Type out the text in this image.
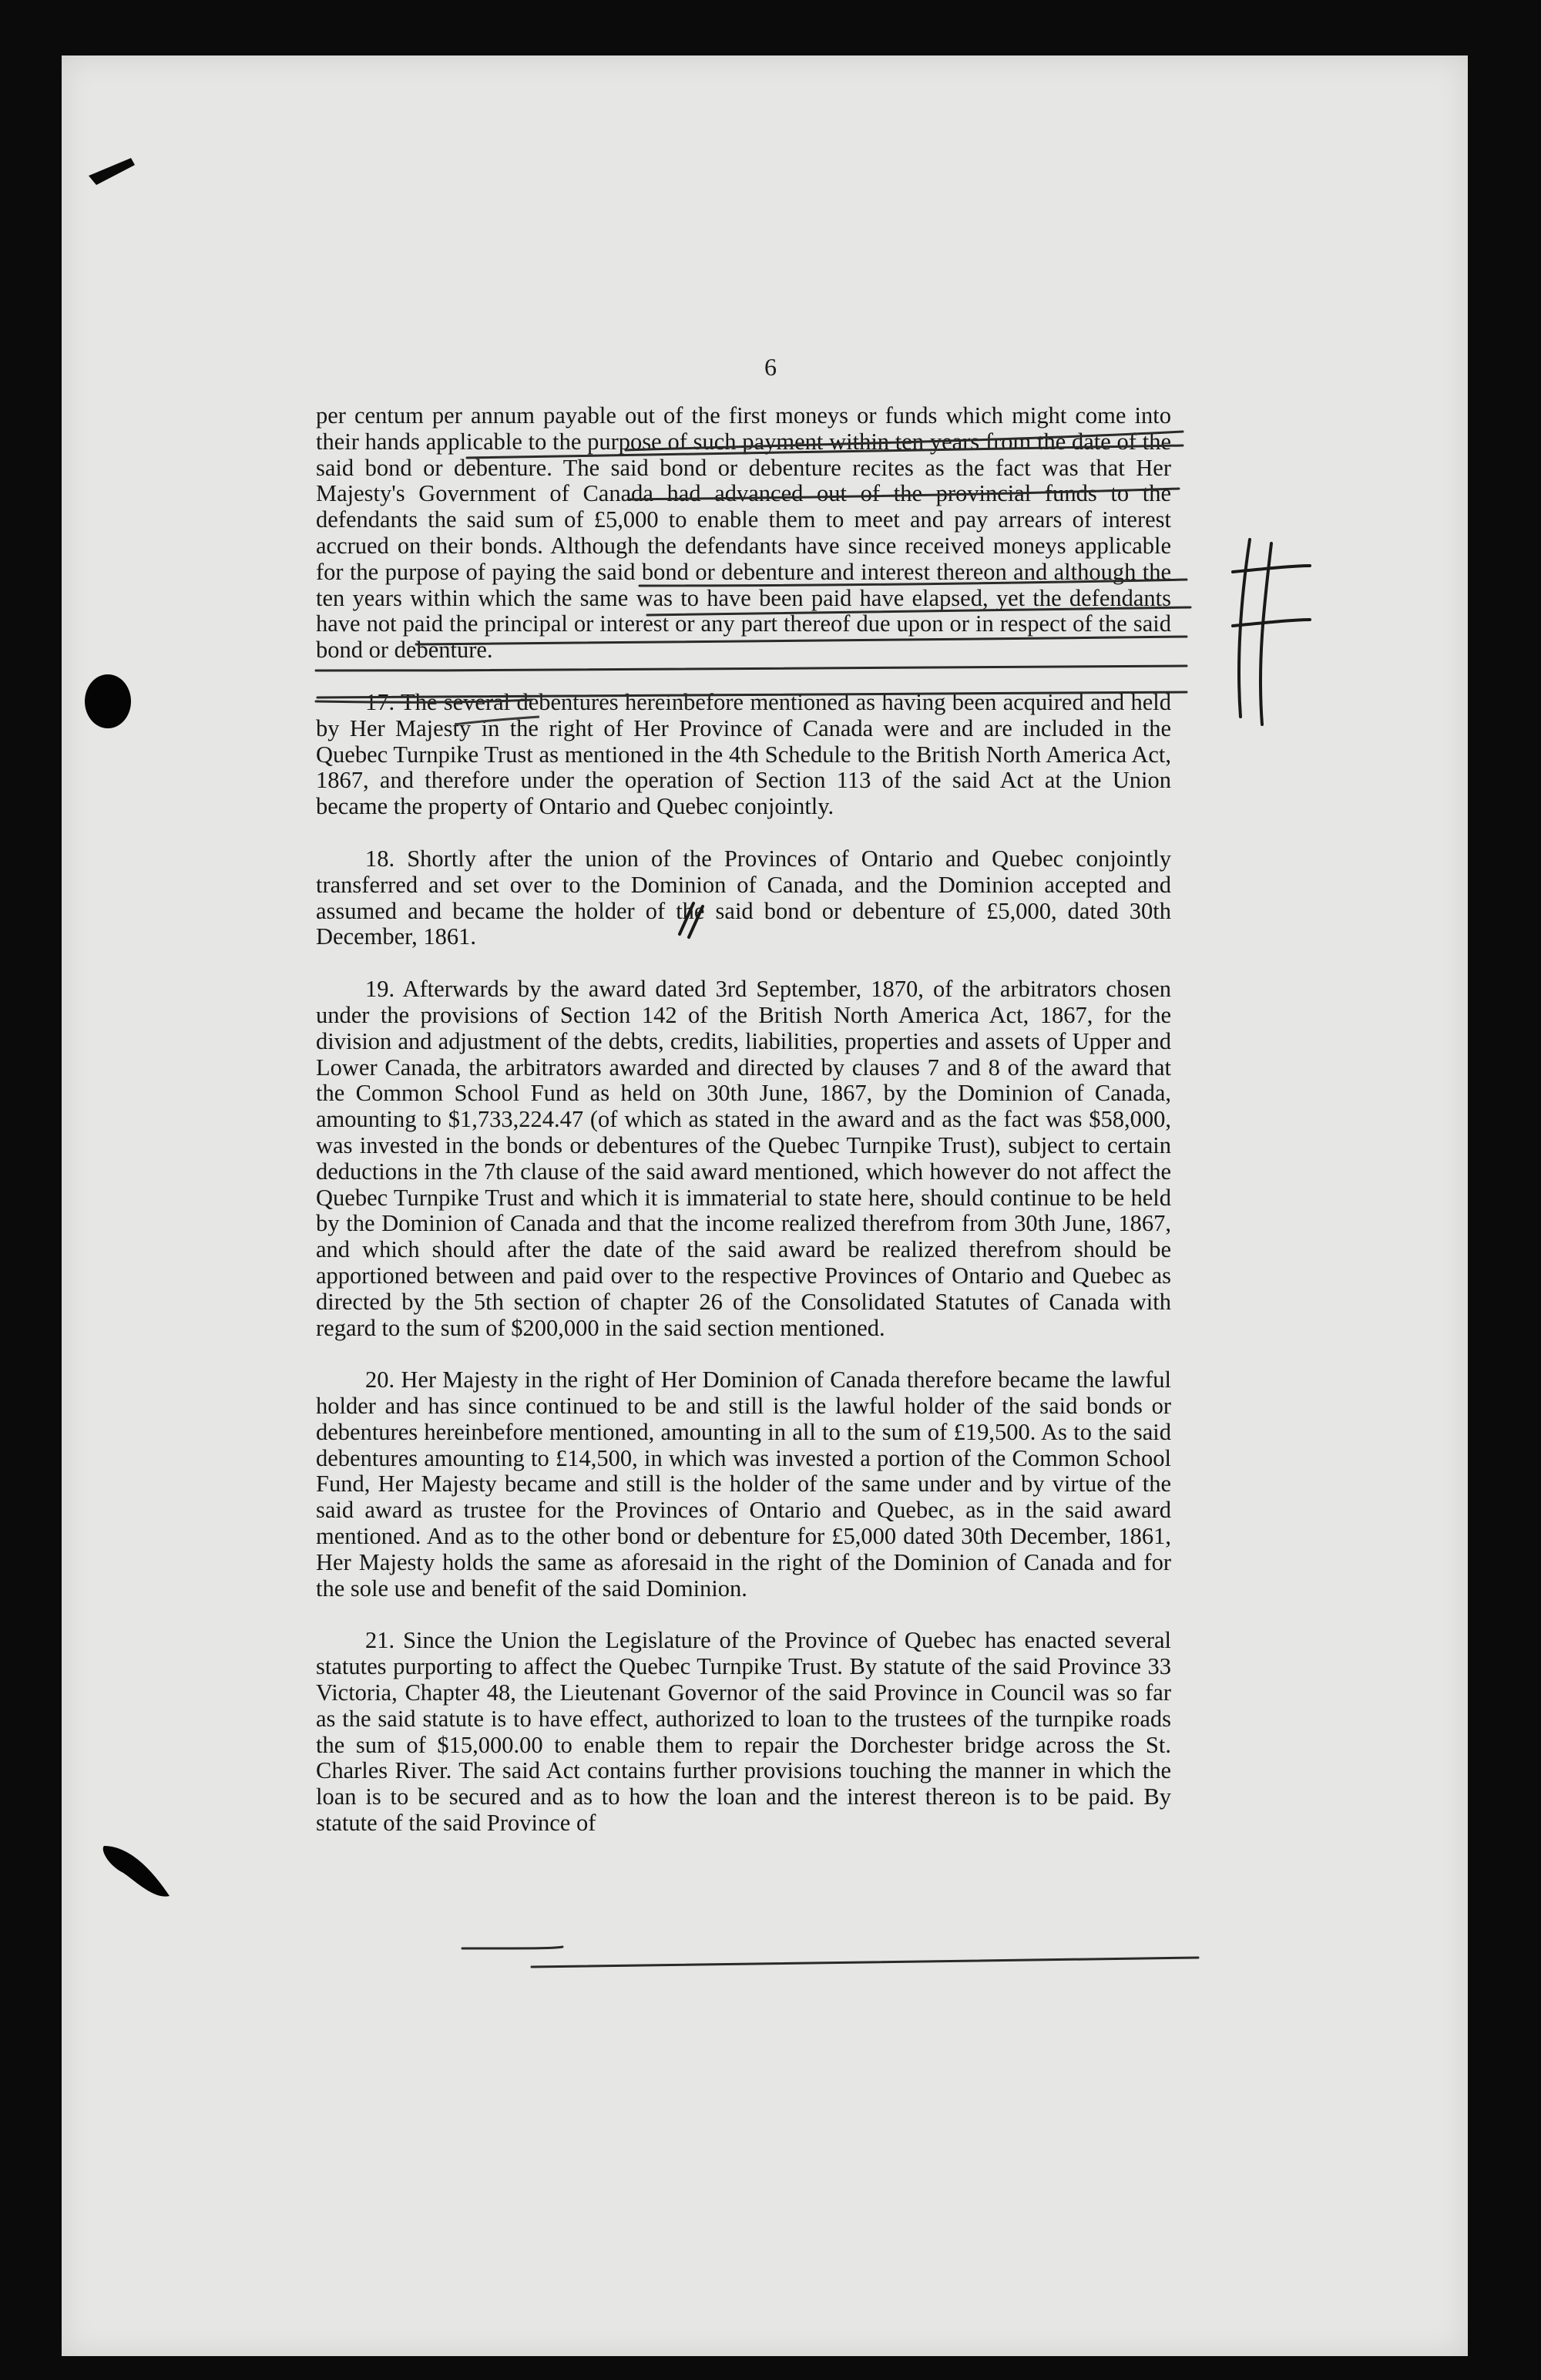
6

per centum per annum payable out of the first moneys or funds which might come into their hands applicable to the purpose of such payment within ten years from the date of the said bond or debenture. The said bond or debenture recites as the fact was that Her Majesty's Government of Canada had advanced out of the provincial funds to the defendants the said sum of £5,000 to enable them to meet and pay arrears of interest accrued on their bonds. Although the defendants have since received moneys applicable for the purpose of paying the said bond or debenture and interest thereon and although the ten years within which the same was to have been paid have elapsed, yet the defendants have not paid the principal or interest or any part thereof due upon or in respect of the said bond or debenture.

17. The several debentures hereinbefore mentioned as having been acquired and held by Her Majesty in the right of Her Province of Canada were and are included in the Quebec Turnpike Trust as mentioned in the 4th Schedule to the British North America Act, 1867, and therefore under the operation of Section 113 of the said Act at the Union became the property of Ontario and Quebec conjointly.

18. Shortly after the union of the Provinces of Ontario and Quebec conjointly transferred and set over to the Dominion of Canada, and the Dominion accepted and assumed and became the holder of the said bond or debenture of £5,000, dated 30th December, 1861.

19. Afterwards by the award dated 3rd September, 1870, of the arbitrators chosen under the provisions of Section 142 of the British North America Act, 1867, for the division and adjustment of the debts, credits, liabilities, properties and assets of Upper and Lower Canada, the arbitrators awarded and directed by clauses 7 and 8 of the award that the Common School Fund as held on 30th June, 1867, by the Dominion of Canada, amounting to $1,733,224.47 (of which as stated in the award and as the fact was $58,000, was invested in the bonds or debentures of the Quebec Turnpike Trust), subject to certain deductions in the 7th clause of the said award mentioned, which however do not affect the Quebec Turnpike Trust and which it is immaterial to state here, should continue to be held by the Dominion of Canada and that the income realized therefrom from 30th June, 1867, and which should after the date of the said award be realized therefrom should be apportioned between and paid over to the respective Provinces of Ontario and Quebec as directed by the 5th section of chapter 26 of the Consolidated Statutes of Canada with regard to the sum of $200,000 in the said section mentioned.

20. Her Majesty in the right of Her Dominion of Canada therefore became the lawful holder and has since continued to be and still is the lawful holder of the said bonds or debentures hereinbefore mentioned, amounting in all to the sum of £19,500. As to the said debentures amounting to £14,500, in which was invested a portion of the Common School Fund, Her Majesty became and still is the holder of the same under and by virtue of the said award as trustee for the Provinces of Ontario and Quebec, as in the said award mentioned. And as to the other bond or debenture for £5,000 dated 30th December, 1861, Her Majesty holds the same as aforesaid in the right of the Dominion of Canada and for the sole use and benefit of the said Dominion.

21. Since the Union the Legislature of the Province of Quebec has enacted several statutes purporting to affect the Quebec Turnpike Trust. By statute of the said Province 33 Victoria, Chapter 48, the Lieutenant Governor of the said Province in Council was so far as the said statute is to have effect, authorized to loan to the trustees of the turnpike roads the sum of $15,000.00 to enable them to repair the Dorchester bridge across the St. Charles River. The said Act contains further provisions touching the manner in which the loan is to be secured and as to how the loan and the interest thereon is to be paid. By statute of the said Province of
